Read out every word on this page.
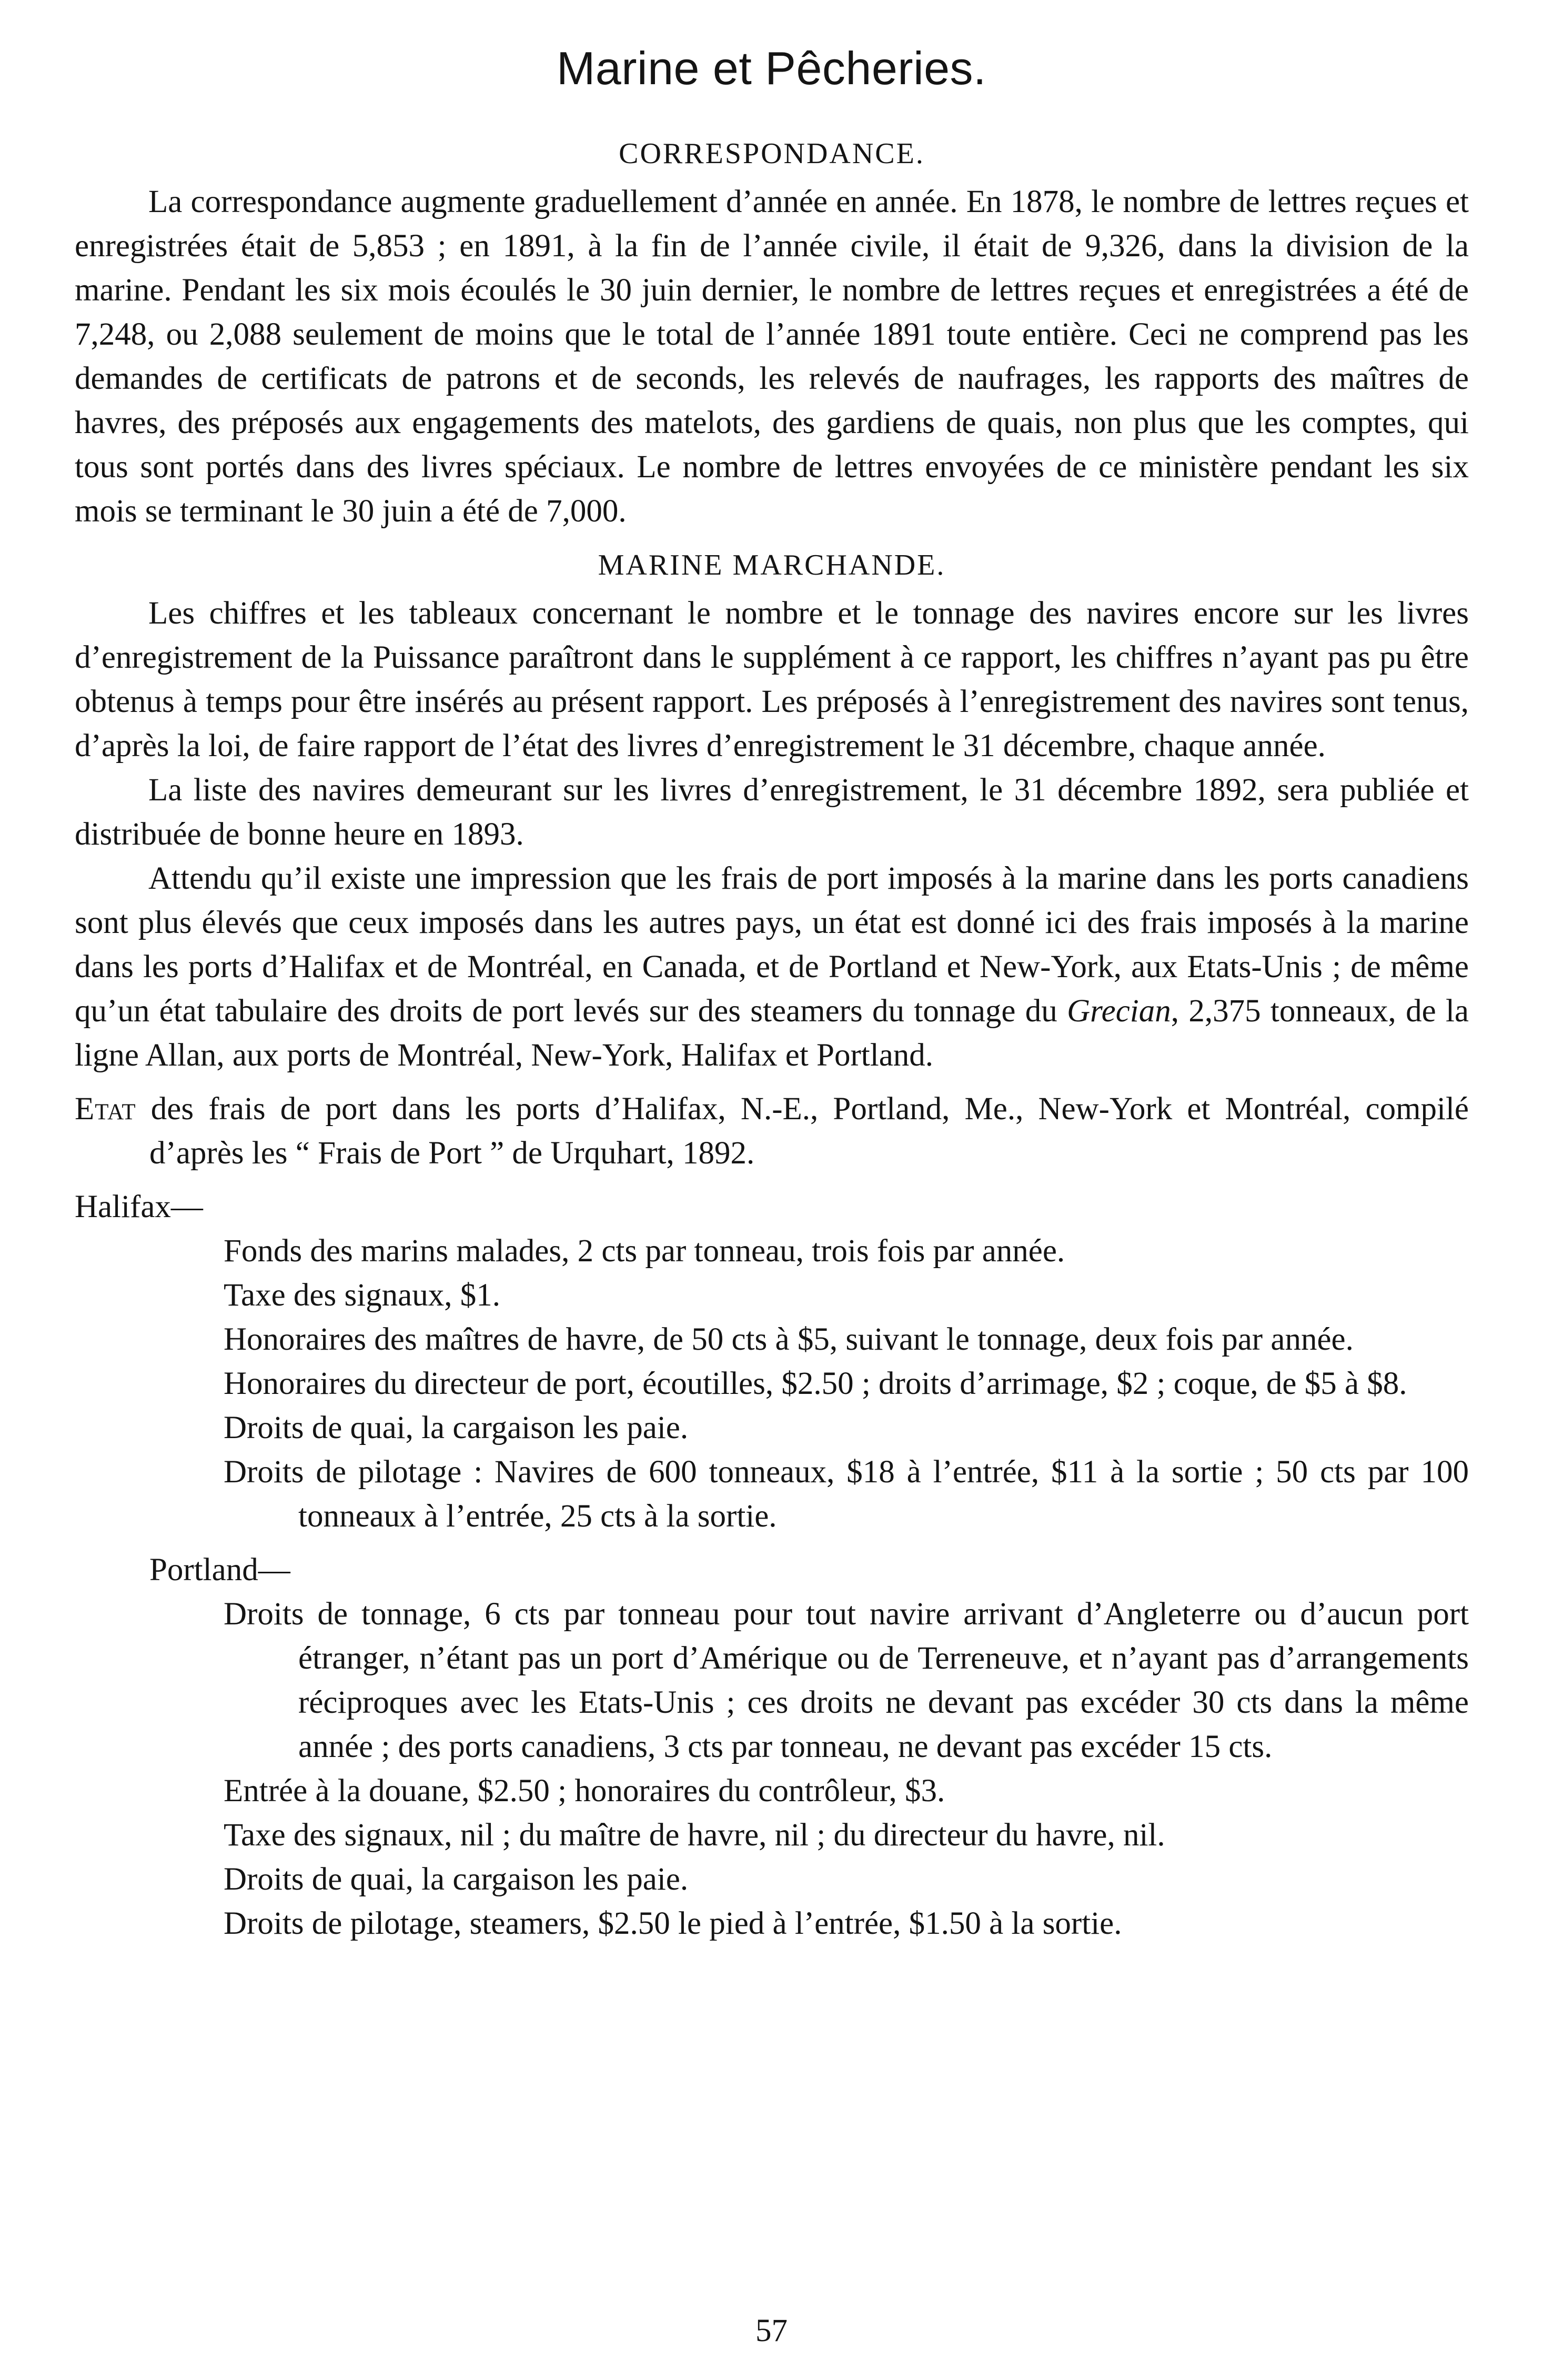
Marine et Pêcheries.
CORRESPONDANCE.

La correspondance augmente graduellement d’année en année. En 1878, le nombre de lettres reçues et enregistrées était de 5,853 ; en 1891, à la fin de l’année civile, il était de 9,326, dans la division de la marine. Pendant les six mois écoulés le 30 juin dernier, le nombre de lettres reçues et enregistrées a été de 7,248, ou 2,088 seulement de moins que le total de l’année 1891 toute entière. Ceci ne comprend pas les demandes de certificats de patrons et de seconds, les relevés de naufrages, les rapports des maîtres de havres, des préposés aux engagements des matelots, des gardiens de quais, non plus que les comptes, qui tous sont portés dans des livres spéciaux. Le nombre de lettres envoyées de ce ministère pendant les six mois se terminant le 30 juin a été de 7,000.

MARINE MARCHANDE.

Les chiffres et les tableaux concernant le nombre et le tonnage des navires encore sur les livres d’enregistrement de la Puissance paraîtront dans le supplément à ce rapport, les chiffres n’ayant pas pu être obtenus à temps pour être insérés au présent rapport. Les préposés à l’enregistrement des navires sont tenus, d’après la loi, de faire rapport de l’état des livres d’enregistrement le 31 décembre, chaque année.

La liste des navires demeurant sur les livres d’enregistrement, le 31 décembre 1892, sera publiée et distribuée de bonne heure en 1893.

Attendu qu’il existe une impression que les frais de port imposés à la marine dans les ports canadiens sont plus élevés que ceux imposés dans les autres pays, un état est donné ici des frais imposés à la marine dans les ports d’Halifax et de Montréal, en Canada, et de Portland et New-York, aux Etats-Unis ; de même qu’un état tabulaire des droits de port levés sur des steamers du tonnage du Grecian, 2,375 tonneaux, de la ligne Allan, aux ports de Montréal, New-York, Halifax et Portland.

Etat des frais de port dans les ports d’Halifax, N.-E., Portland, Me., New-York et Montréal, compilé d’après les “ Frais de Port ” de Urquhart, 1892.

Halifax—

Fonds des marins malades, 2 cts par tonneau, trois fois par année.

Taxe des signaux, $1.

Honoraires des maîtres de havre, de 50 cts à $5, suivant le tonnage, deux fois par année.

Honoraires du directeur de port, écoutilles, $2.50 ; droits d’arrimage, $2 ; coque, de $5 à $8.

Droits de quai, la cargaison les paie.

Droits de pilotage : Navires de 600 tonneaux, $18 à l’entrée, $11 à la sortie ; 50 cts par 100 tonneaux à l’entrée, 25 cts à la sortie.

Portland—

Droits de tonnage, 6 cts par tonneau pour tout navire arrivant d’Angleterre ou d’aucun port étranger, n’étant pas un port d’Amérique ou de Terreneuve, et n’ayant pas d’arrangements réciproques avec les Etats-Unis ; ces droits ne devant pas excéder 30 cts dans la même année ; des ports canadiens, 3 cts par tonneau, ne devant pas excéder 15 cts.

Entrée à la douane, $2.50 ; honoraires du contrôleur, $3.

Taxe des signaux, nil ; du maître de havre, nil ; du directeur du havre, nil.

Droits de quai, la cargaison les paie.

Droits de pilotage, steamers, $2.50 le pied à l’entrée, $1.50 à la sortie.

57
